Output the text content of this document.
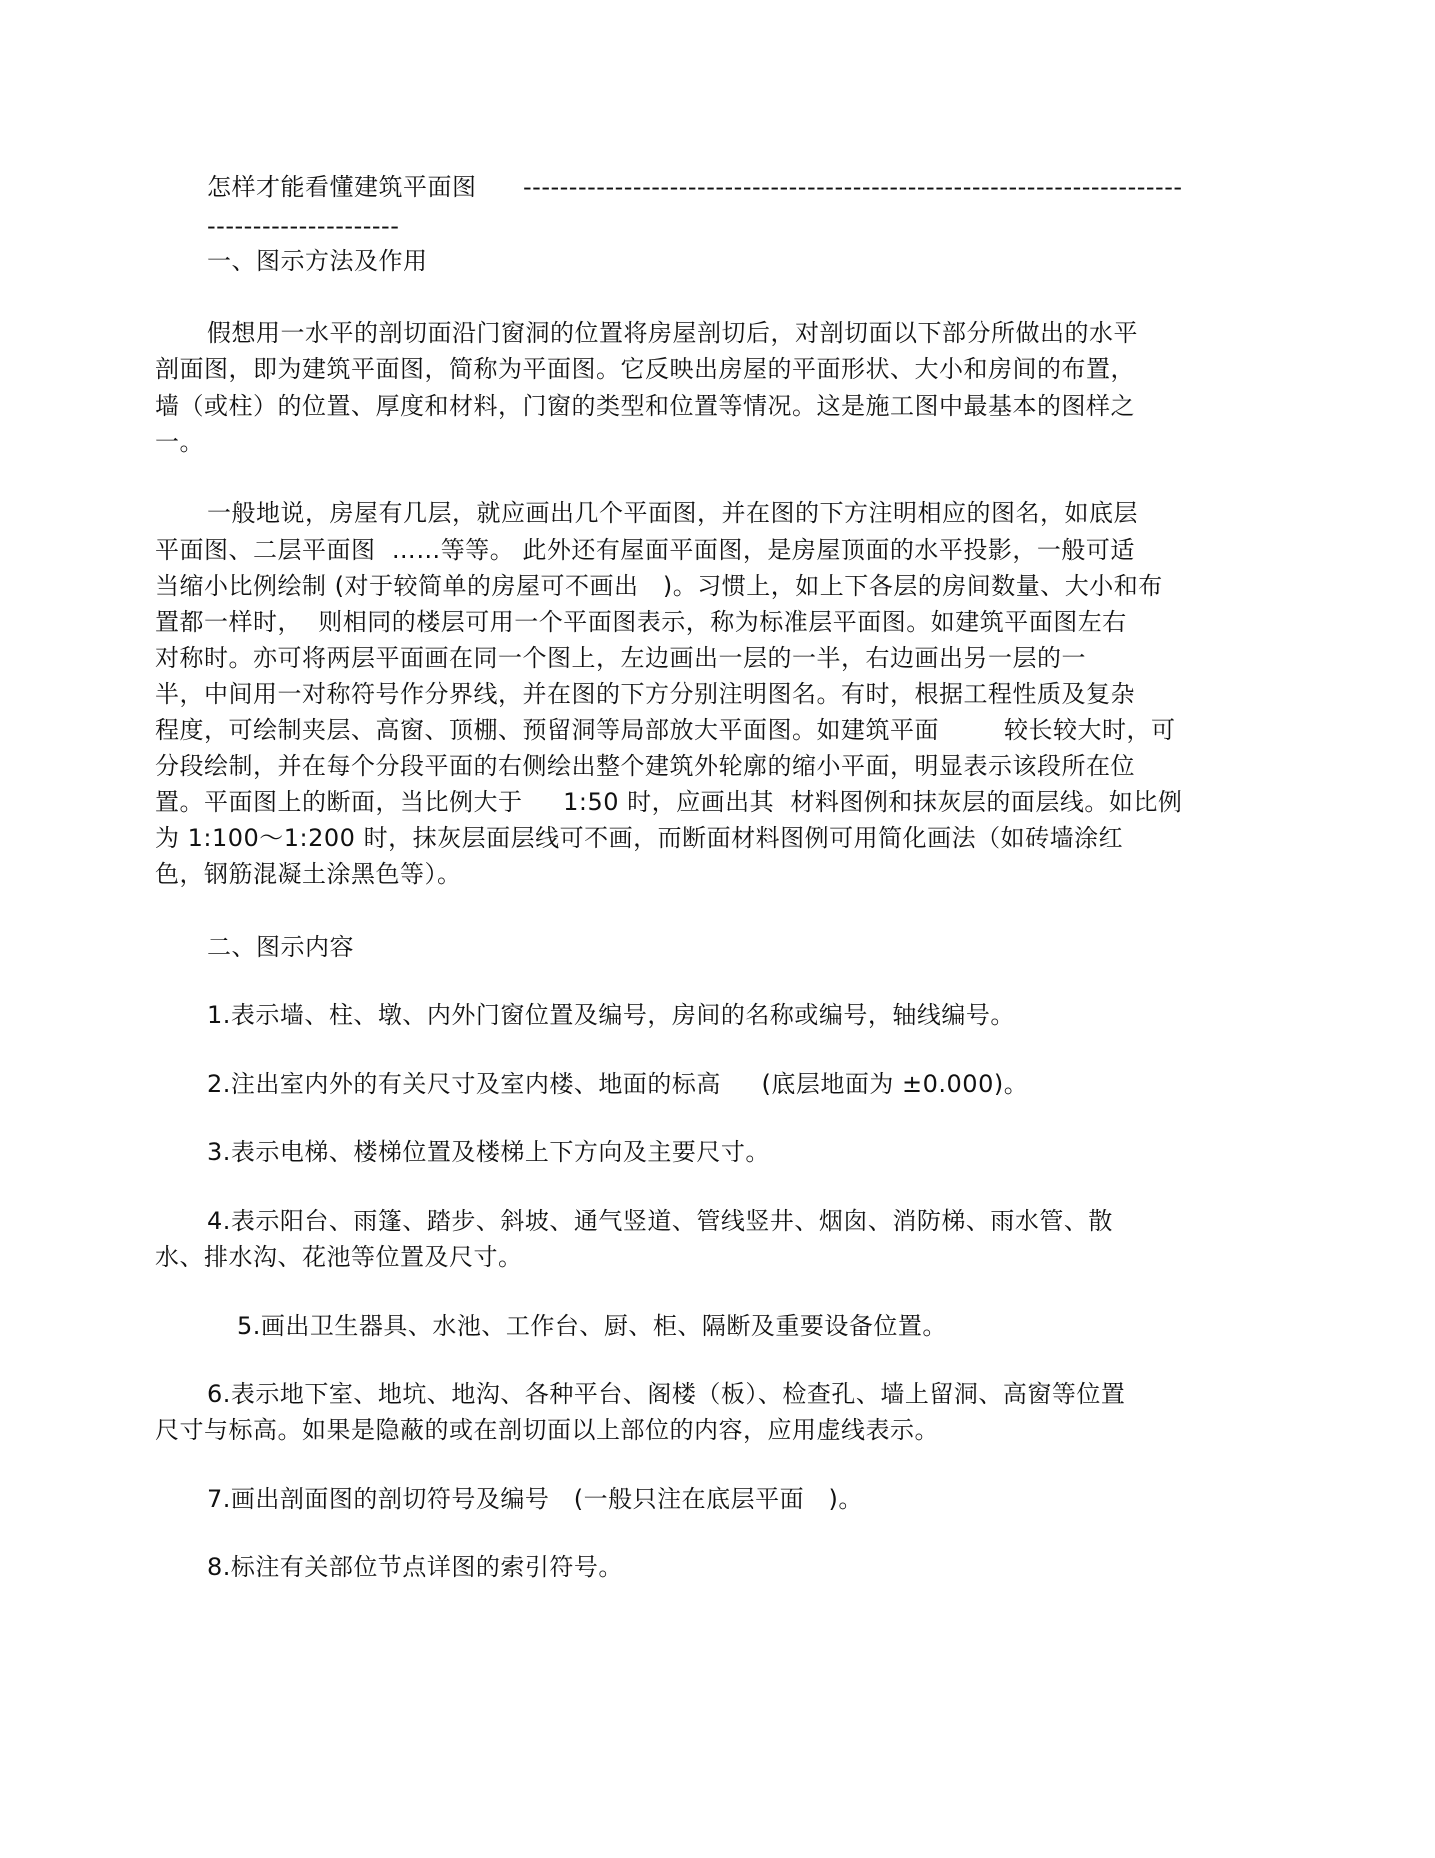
怎样才能看懂建筑平面图 ------------------------------------------------------------------------
---------------------
一、图示方法及作用
假想用一水平的剖切面沿门窗洞的位置将房屋剖切后，对剖切面以下部分所做出的水平
剖面图，即为建筑平面图，简称为平面图。它反映出房屋的平面形状、大小和房间的布置，
墙（或柱）的位置、厚度和材料，门窗的类型和位置等情况。这是施工图中最基本的图样之
一。
一般地说，房屋有几层，就应画出几个平面图，并在图的下方注明相应的图名，如底层
平面图、二层平面图  ……等等。 此外还有屋面平面图，是房屋顶面的水平投影，一般可适
当缩小比例绘制 (对于较简单的房屋可不画出   )。习惯上，如上下各层的房间数量、大小和布
置都一样时，  则相同的楼层可用一个平面图表示，称为标准层平面图。如建筑平面图左右
对称时。亦可将两层平面画在同一个图上，左边画出一层的一半，右边画出另一层的一
半，中间用一对称符号作分界线，并在图的下方分别注明图名。有时，根据工程性质及复杂
程度，可绘制夹层、高窗、顶棚、预留洞等局部放大平面图。如建筑平面        较长较大时，可
分段绘制，并在每个分段平面的右侧绘出整个建筑外轮廓的缩小平面，明显表示该段所在位
置。平面图上的断面，当比例大于     1:50 时，应画出其  材料图例和抹灰层的面层线。如比例
为 1:100～1:200 时，抹灰层面层线可不画，而断面材料图例可用简化画法（如砖墙涂红
色，钢筋混凝土涂黑色等）。
二、图示内容
1.表示墙、柱、墩、内外门窗位置及编号，房间的名称或编号，轴线编号。
2.注出室内外的有关尺寸及室内楼、地面的标高     (底层地面为 ±0.000)。
3.表示电梯、楼梯位置及楼梯上下方向及主要尺寸。
4.表示阳台、雨篷、踏步、斜坡、通气竖道、管线竖井、烟囱、消防梯、雨水管、散
水、排水沟、花池等位置及尺寸。
5.画出卫生器具、水池、工作台、厨、柜、隔断及重要设备位置。
6.表示地下室、地坑、地沟、各种平台、阁楼（板）、检查孔、墙上留洞、高窗等位置
尺寸与标高。如果是隐蔽的或在剖切面以上部位的内容，应用虚线表示。
7.画出剖面图的剖切符号及编号   (一般只注在底层平面   )。
8.标注有关部位节点详图的索引符号。
